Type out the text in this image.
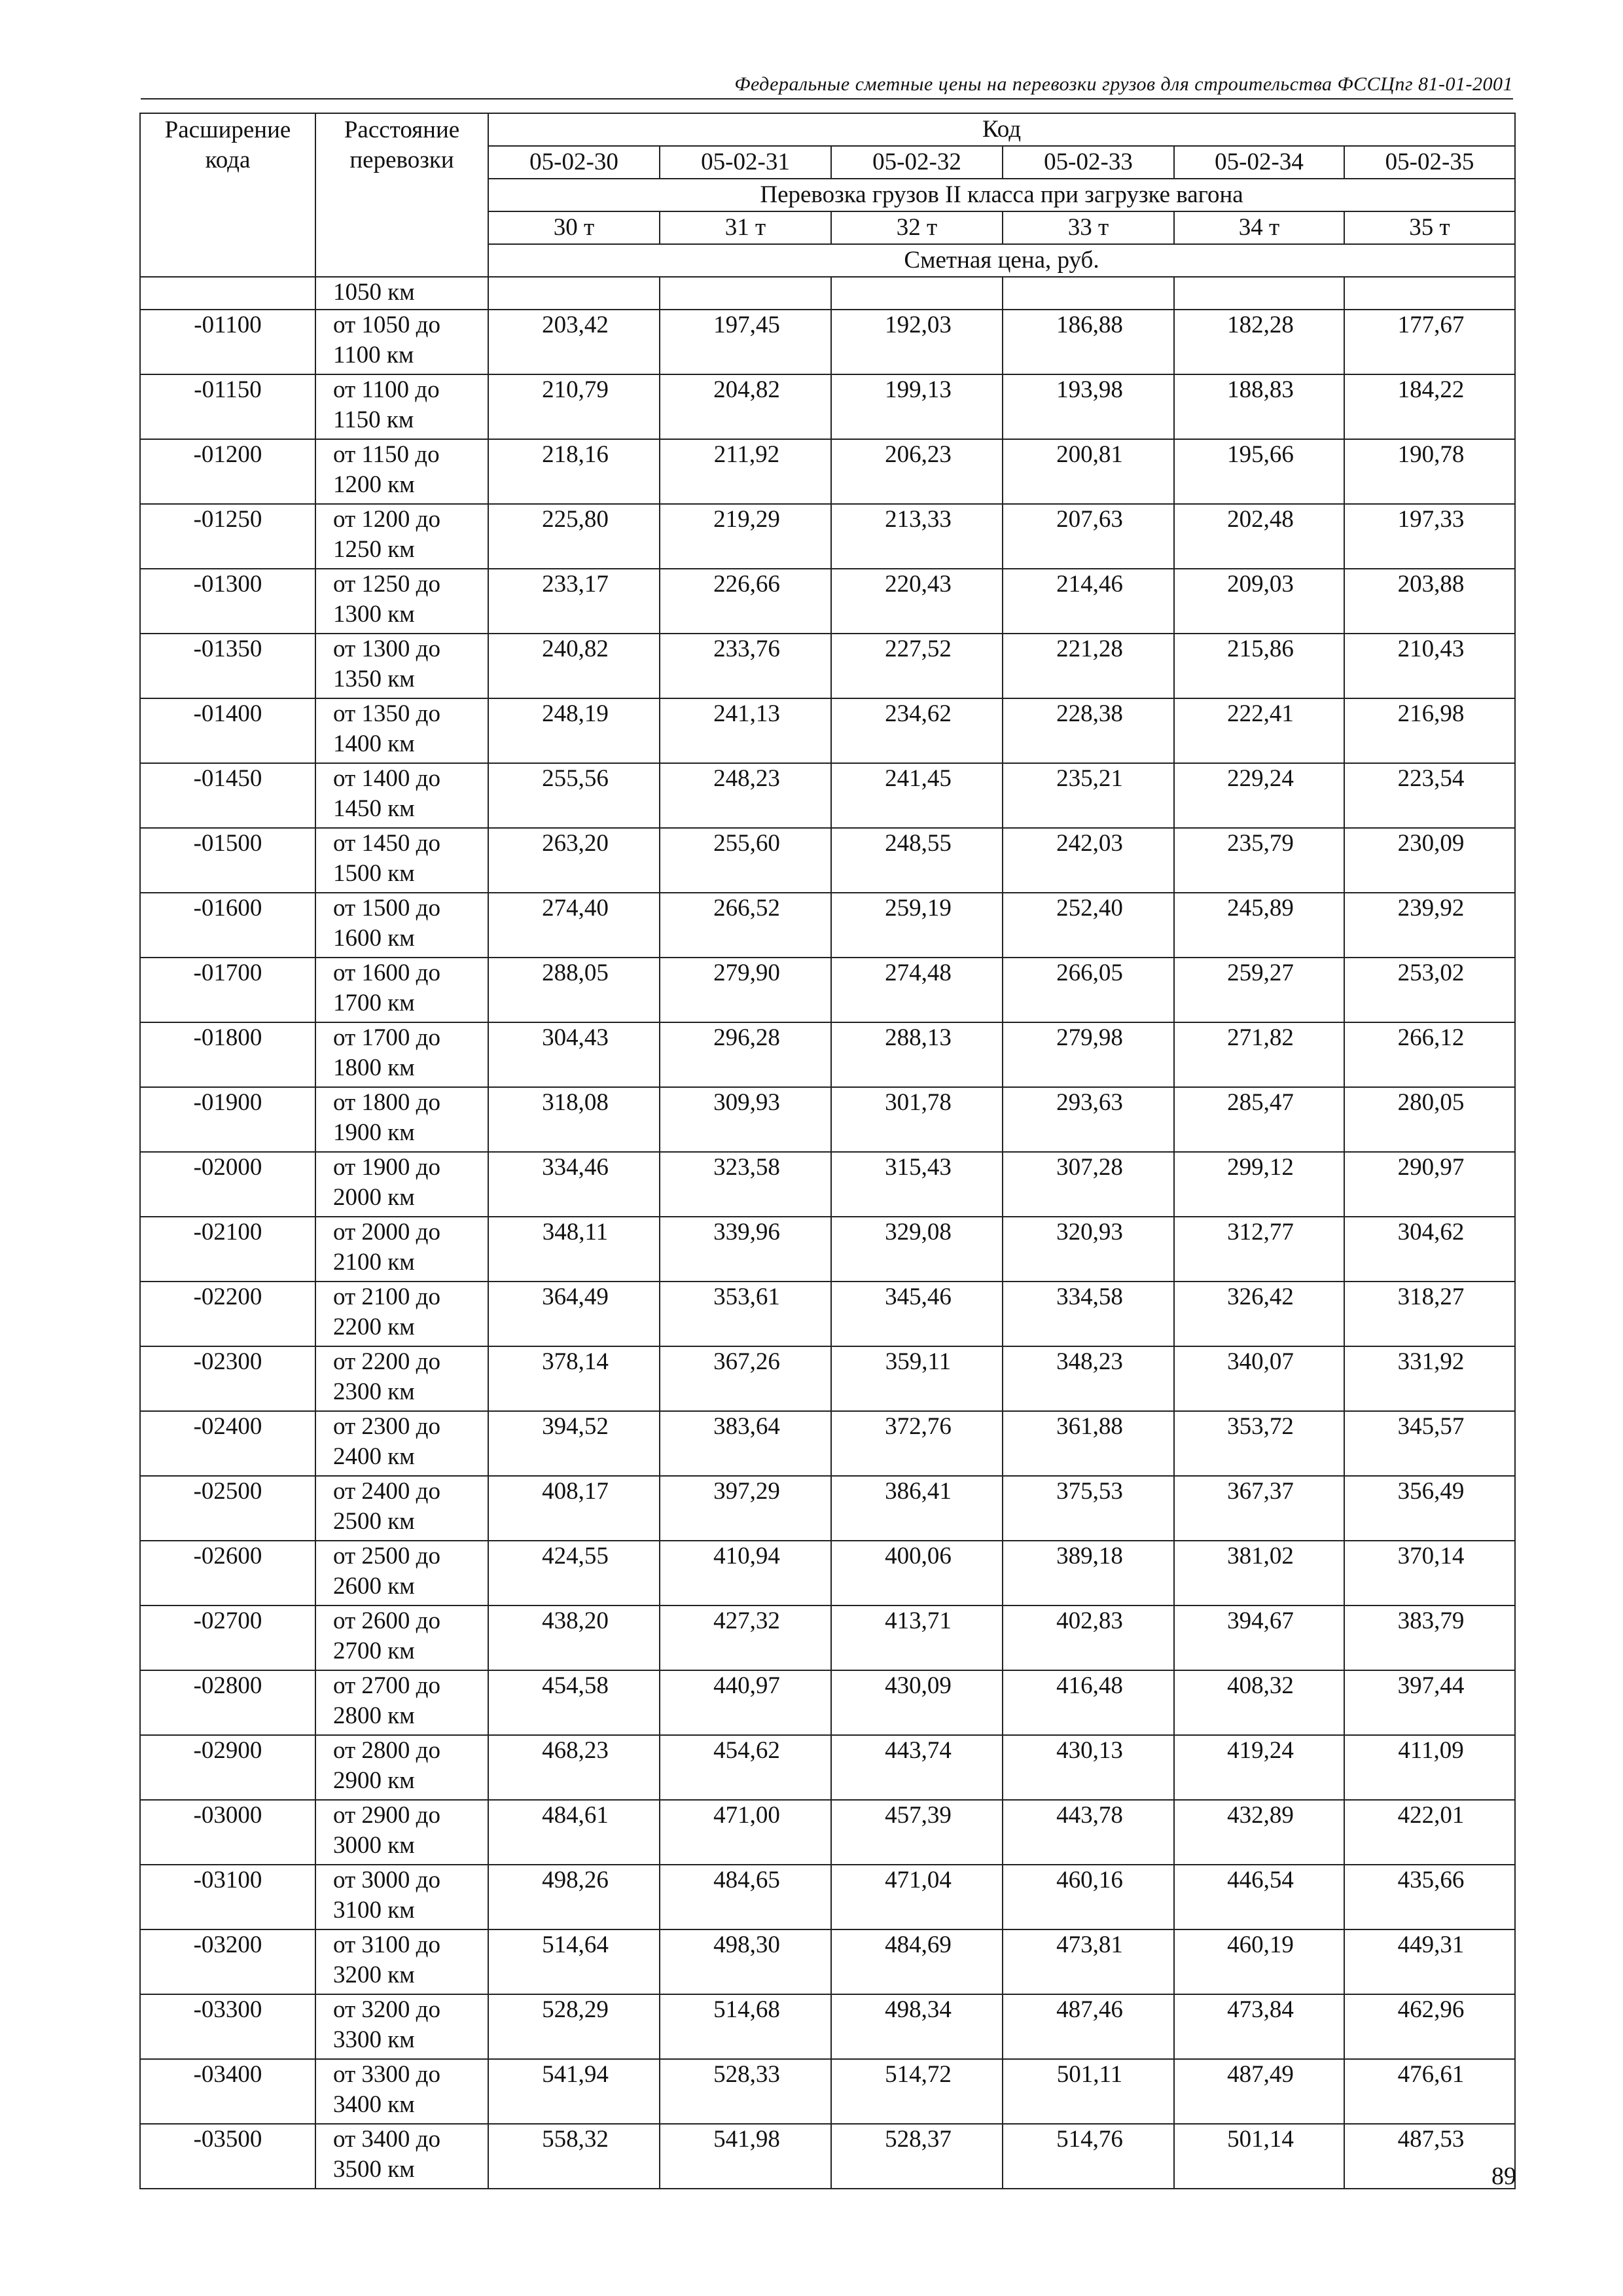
Федеральные сметные цены на перевозки грузов для строительства ФССЦпг 81-01-2001
Расширение кода	Расстояние перевозки	Код					
		05-02-30	05-02-31	05-02-32	05-02-33	05-02-34	05-02-35
		Перевозка грузов II класса при загрузке вагона					
		30 т	31 т	32 т	33 т	34 т	35 т
		Сметная цена, руб.					
	1050 км						
-01100	от 1050 до 1100 км	203,42	197,45	192,03	186,88	182,28	177,67
-01150	от 1100 до 1150 км	210,79	204,82	199,13	193,98	188,83	184,22
-01200	от 1150 до 1200 км	218,16	211,92	206,23	200,81	195,66	190,78
-01250	от 1200 до 1250 км	225,80	219,29	213,33	207,63	202,48	197,33
-01300	от 1250 до 1300 км	233,17	226,66	220,43	214,46	209,03	203,88
-01350	от 1300 до 1350 км	240,82	233,76	227,52	221,28	215,86	210,43
-01400	от 1350 до 1400 км	248,19	241,13	234,62	228,38	222,41	216,98
-01450	от 1400 до 1450 км	255,56	248,23	241,45	235,21	229,24	223,54
-01500	от 1450 до 1500 км	263,20	255,60	248,55	242,03	235,79	230,09
-01600	от 1500 до 1600 км	274,40	266,52	259,19	252,40	245,89	239,92
-01700	от 1600 до 1700 км	288,05	279,90	274,48	266,05	259,27	253,02
-01800	от 1700 до 1800 км	304,43	296,28	288,13	279,98	271,82	266,12
-01900	от 1800 до 1900 км	318,08	309,93	301,78	293,63	285,47	280,05
-02000	от 1900 до 2000 км	334,46	323,58	315,43	307,28	299,12	290,97
-02100	от 2000 до 2100 км	348,11	339,96	329,08	320,93	312,77	304,62
-02200	от 2100 до 2200 км	364,49	353,61	345,46	334,58	326,42	318,27
-02300	от 2200 до 2300 км	378,14	367,26	359,11	348,23	340,07	331,92
-02400	от 2300 до 2400 км	394,52	383,64	372,76	361,88	353,72	345,57
-02500	от 2400 до 2500 км	408,17	397,29	386,41	375,53	367,37	356,49
-02600	от 2500 до 2600 км	424,55	410,94	400,06	389,18	381,02	370,14
-02700	от 2600 до 2700 км	438,20	427,32	413,71	402,83	394,67	383,79
-02800	от 2700 до 2800 км	454,58	440,97	430,09	416,48	408,32	397,44
-02900	от 2800 до 2900 км	468,23	454,62	443,74	430,13	419,24	411,09
-03000	от 2900 до 3000 км	484,61	471,00	457,39	443,78	432,89	422,01
-03100	от 3000 до 3100 км	498,26	484,65	471,04	460,16	446,54	435,66
-03200	от 3100 до 3200 км	514,64	498,30	484,69	473,81	460,19	449,31
-03300	от 3200 до 3300 км	528,29	514,68	498,34	487,46	473,84	462,96
-03400	от 3300 до 3400 км	541,94	528,33	514,72	501,11	487,49	476,61
-03500	от 3400 до 3500 км	558,32	541,98	528,37	514,76	501,14	487,53
89
